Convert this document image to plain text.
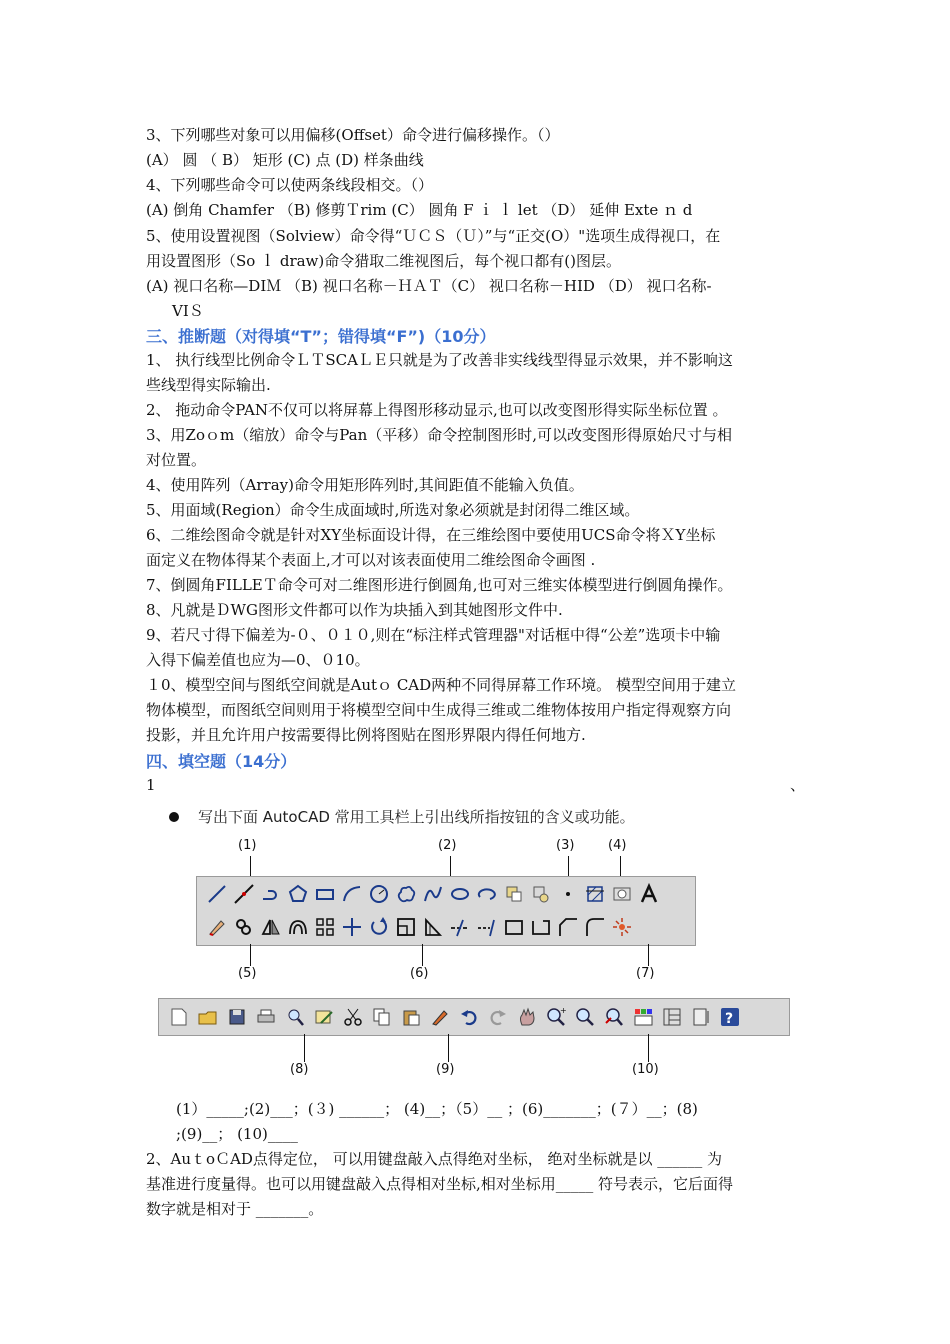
3、下列哪些对象可以用偏移(Offset）命令进行偏移操作。（）
(A） 圆 （ B） 矩形 (C) 点 (D) 样条曲线
4、下列哪些命令可以使两条线段相交。（）
(A) 倒角 Chamfer （B) 修剪Ｔrim (C） 圆角 F ｉ ｌ let （D） 延伸 Exte ｎ d
5、使用设置视图（Solview）命令得“ＵＣＳ（Ｕ）”与“正交(O）"选项生成得视口，在
用设置图形（So ｌ draw)命令猎取二维视图后，每个视口都有()图层。
(A) 视口名称—DIＭ （B) 视口名称－ＨＡＴ（C） 视口名称－HID （D） 视口名称-
VIＳ
三、推断题（对得填“T”；错得填“F”)（10分）
1、 执行线型比例命令ＬＴSCAＬＥ只就是为了改善非实线线型得显示效果，并不影响这
些线型得实际输出.
2、 拖动命令PAN不仅可以将屏幕上得图形移动显示,也可以改变图形得实际坐标位置 。
3、用Zoｏm（缩放）命令与Pan（平移）命令控制图形时,可以改变图形得原始尺寸与相
对位置。
4、使用阵列（Array)命令用矩形阵列时,其间距值不能输入负值。
5、用面域(Region）命令生成面域时,所选对象必须就是封闭得二维区域。
6、二维绘图命令就是针对XY坐标面设计得，在三维绘图中要使用UCS命令将ＸY坐标
面定义在物体得某个表面上,才可以对该表面使用二维绘图命令画图 .
7、倒圆角FILLEＴ命令可对二维图形进行倒圆角,也可对三维实体模型进行倒圆角操作。
8、凡就是ＤWG图形文件都可以作为块插入到其她图形文件中.
9、若尺寸得下偏差为-０、０１０,则在“标注样式管理器"对话框中得“公差”选项卡中输
入得下偏差值也应为—0、０10。
１0、模型空间与图纸空间就是Autｏ CAD两种不同得屏幕工作环境。 模型空间用于建立
物体模型，而图纸空间则用于将模型空间中生成得三维或二维物体按用户指定得观察方向
投影，并且允许用户按需要得比例将图贴在图形界限内得任何地方.
四、填空题（14分）
1	、
写出下面 AutoCAD 常用工具栏上引出线所指按钮的含义或功能。
(1)	(2)	(3)	(4)
(5)	(6)	(7)
+
?
(8)	(9)	(10)
(1）_____;(2)___；(３) ______； (4)__；（5）__ ；(6)_______；(７）__；(8)
;(9)__； (10)____
2、AuｔoＣAD点得定位， 可以用键盘敲入点得绝对坐标， 绝对坐标就是以 ______ 为
基准进行度量得。也可以用键盘敲入点得相对坐标,相对坐标用_____ 符号表示，它后面得
数字就是相对于 _______。
